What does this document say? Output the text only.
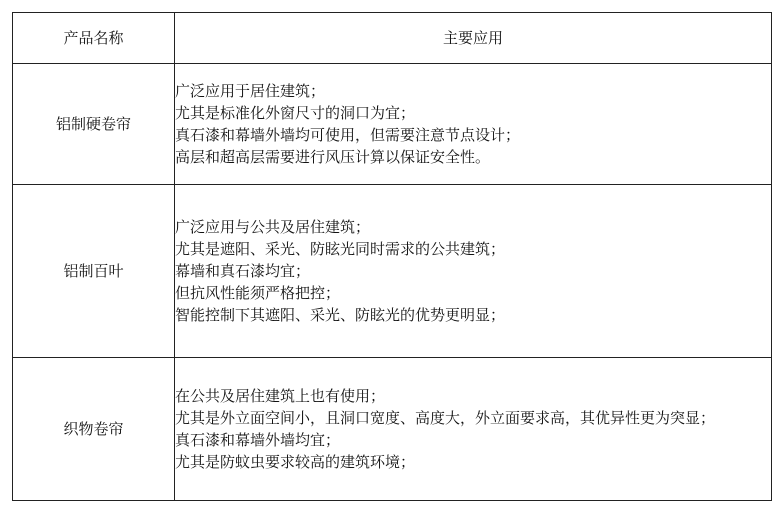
产品名称	主要应用
铝制硬卷帘	广泛应用于居住建筑；
尤其是标准化外窗尺寸的洞口为宜；
真石漆和幕墙外墙均可使用，但需要注意节点设计；
高层和超高层需要进行风压计算以保证安全性。

铝制百叶	广泛应用与公共及居住建筑；
尤其是遮阳、采光、防眩光同时需求的公共建筑；
幕墙和真石漆均宜；
但抗风性能须严格把控；
智能控制下其遮阳、采光、防眩光的优势更明显；

织物卷帘	在公共及居住建筑上也有使用；
尤其是外立面空间小，且洞口宽度、高度大，外立面要求高，其优异性更为突显；
真石漆和幕墙外墙均宜；
尤其是防蚊虫要求较高的建筑环境；
